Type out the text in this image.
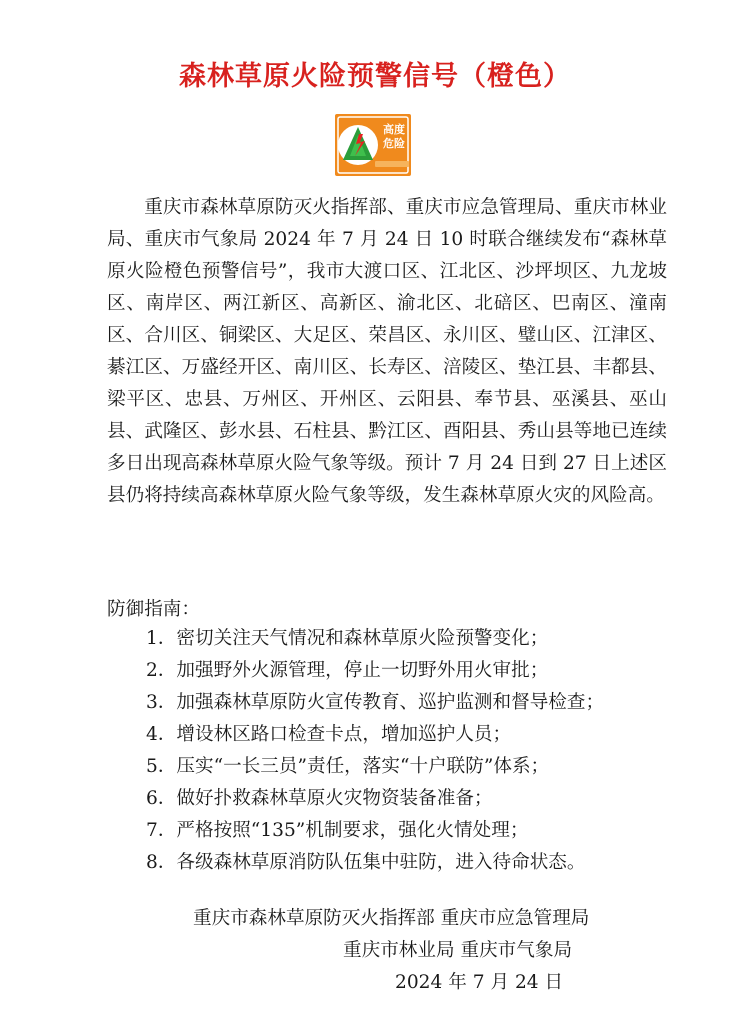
森林草原火险预警信号（橙色）
高度危险

重庆市森林草原防灭火指挥部、重庆市应急管理局、重庆市林业局、重庆市气象局 2024 年 7 月 24 日 10 时联合继续发布“森林草原火险橙色预警信号”，我市大渡口区、江北区、沙坪坝区、九龙坡区、南岸区、两江新区、高新区、渝北区、北碚区、巴南区、潼南区、合川区、铜梁区、大足区、荣昌区、永川区、璧山区、江津区、綦江区、万盛经开区、南川区、长寿区、涪陵区、垫江县、丰都县、梁平区、忠县、万州区、开州区、云阳县、奉节县、巫溪县、巫山县、武隆区、彭水县、石柱县、黔江区、酉阳县、秀山县等地已连续多日出现高森林草原火险气象等级。预计 7 月 24 日到 27 日上述区县仍将持续高森林草原火险气象等级，发生森林草原火灾的风险高。

防御指南：
1．密切关注天气情况和森林草原火险预警变化；
2．加强野外火源管理，停止一切野外用火审批；
3．加强森林草原防火宣传教育、巡护监测和督导检查；
4．增设林区路口检查卡点，增加巡护人员；
5．压实“一长三员”责任，落实“十户联防”体系；
6．做好扑救森林草原火灾物资装备准备；
7．严格按照“135”机制要求，强化火情处理；
8．各级森林草原消防队伍集中驻防，进入待命状态。
重庆市森林草原防灭火指挥部 重庆市应急管理局
重庆市林业局 重庆市气象局
2024 年 7 月 24 日
